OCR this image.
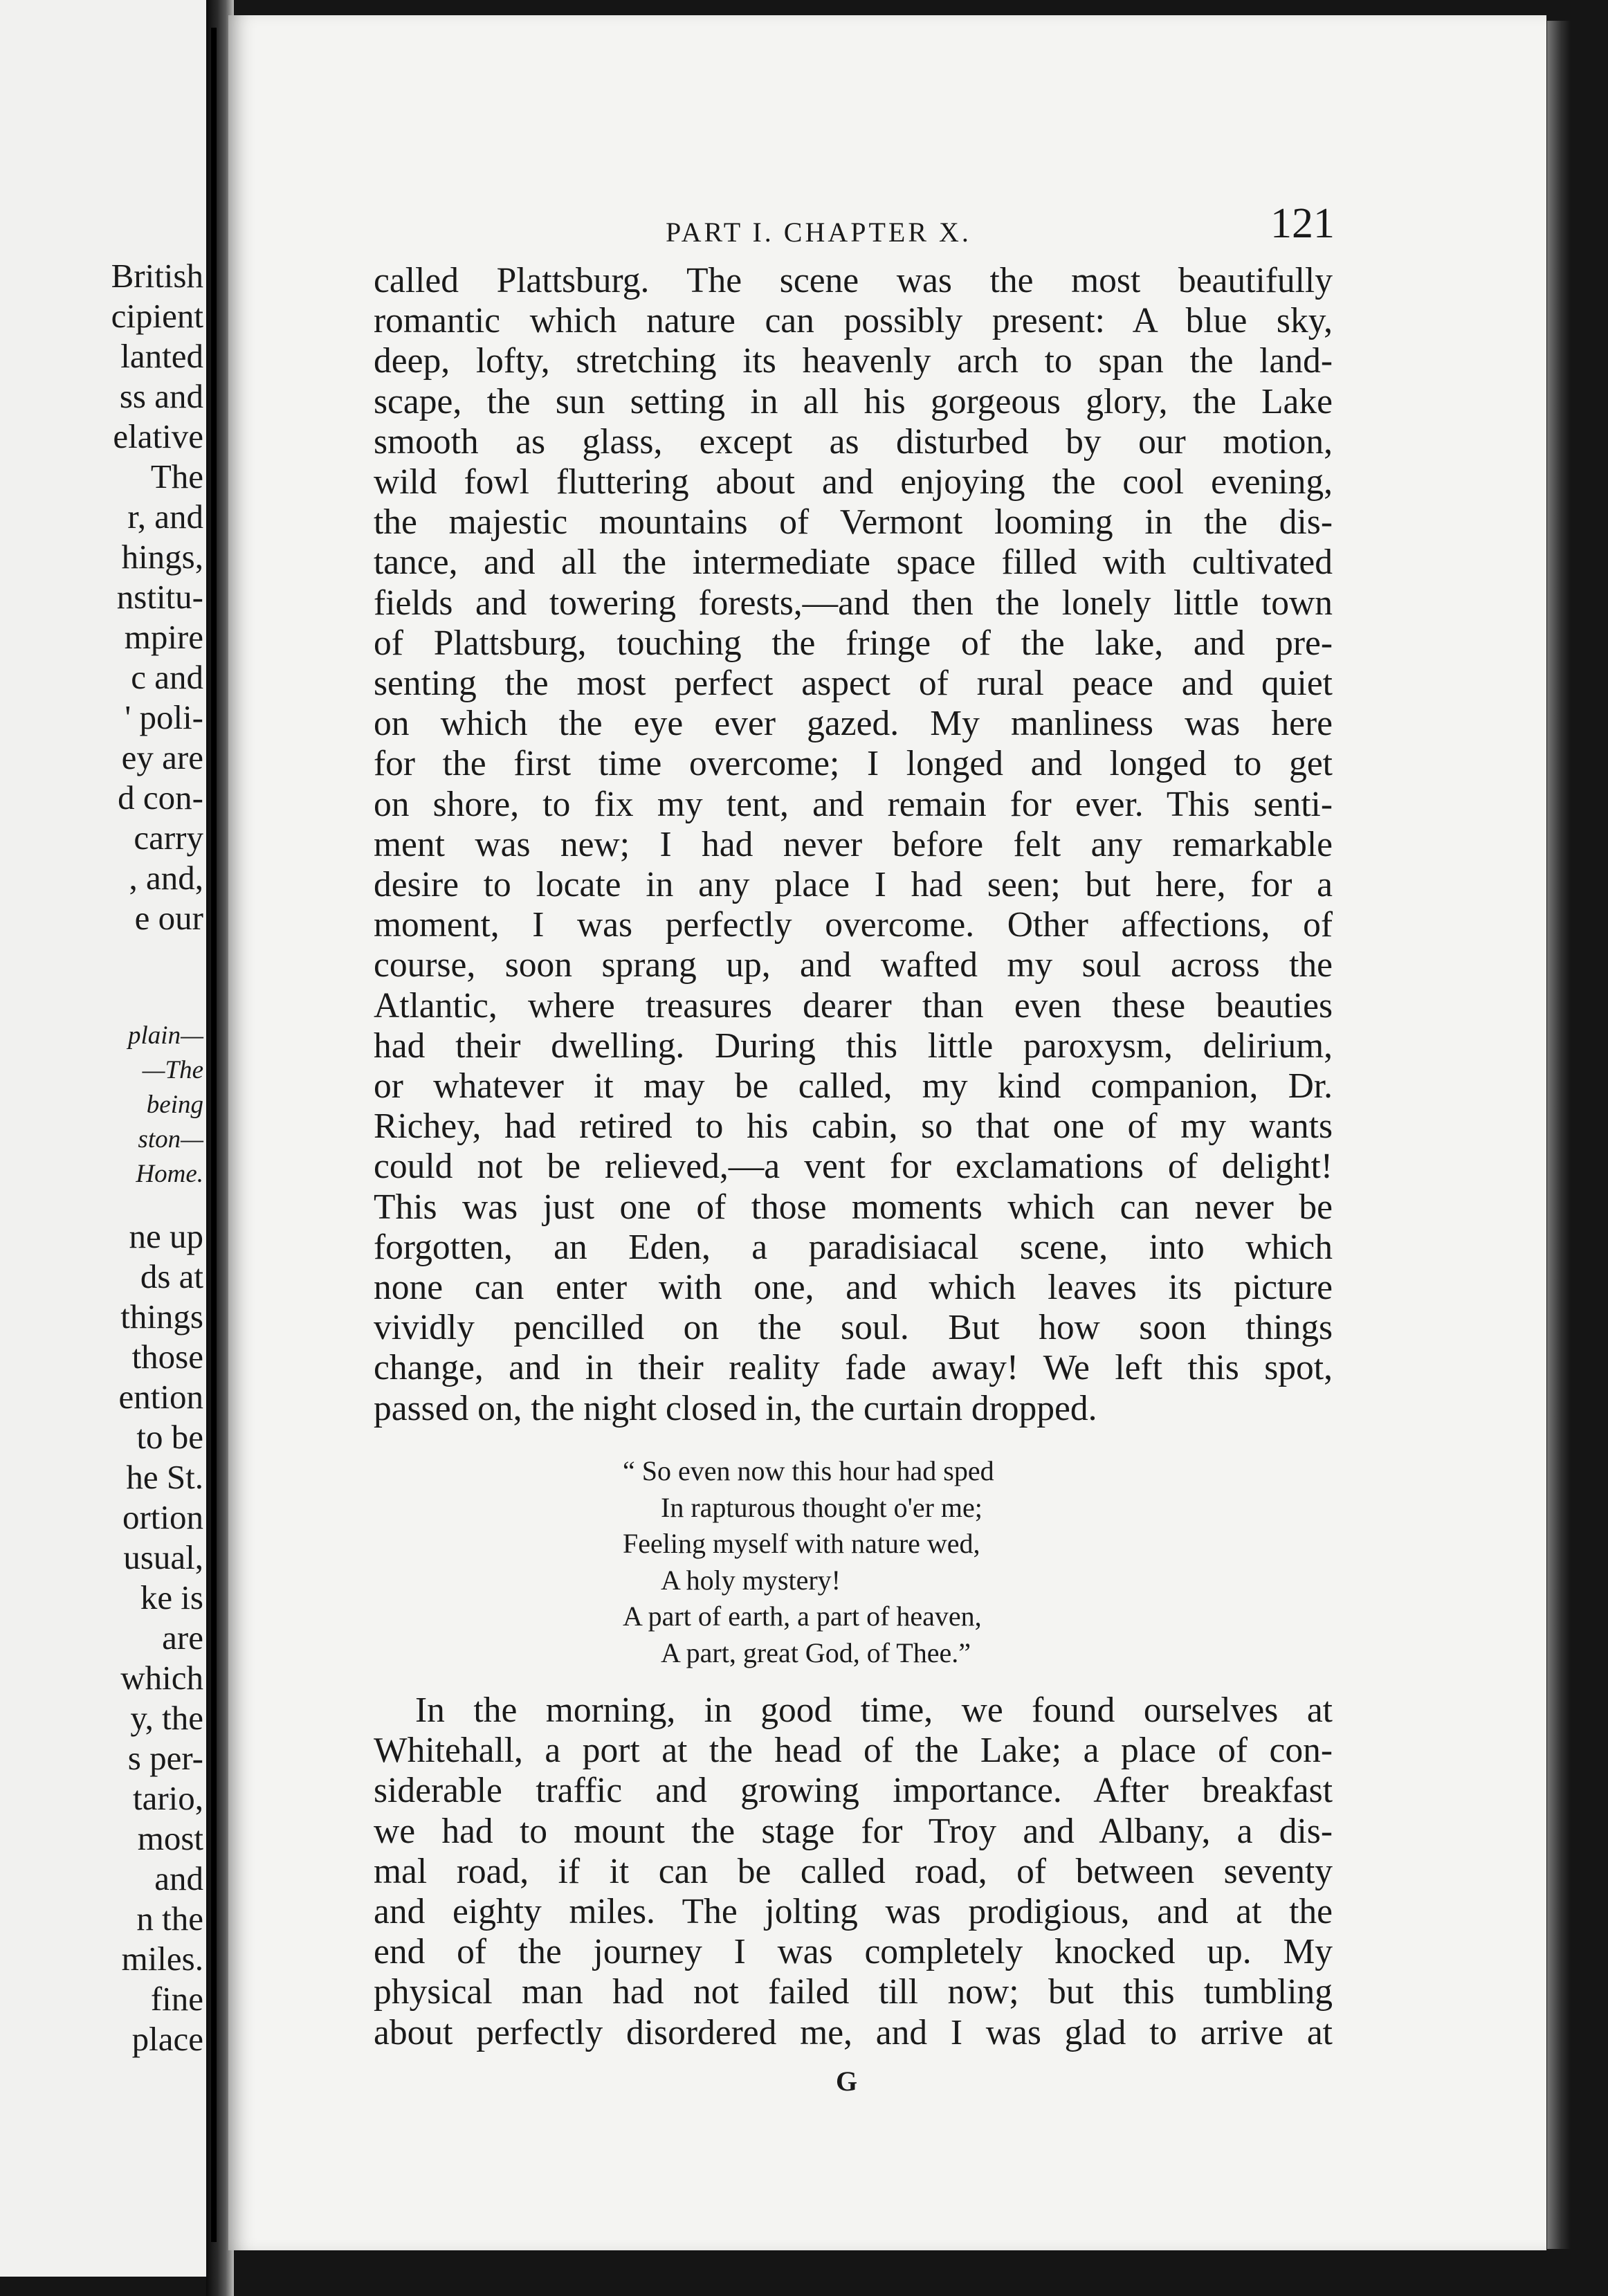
British
cipient
lanted
ss and
elative
The
r, and
hings,
nstitu-
mpire
c and
' poli-
ey are
d con-
carry
, and,
e our
plain—
—The
being
ston—
Home.
ne up
ds at
things
those
ention
to be
he St.
ortion
usual,
ke is
are
which
y, the
s per-
tario,
most
and
n the
miles.
fine
place
PART I. CHAPTER X.	121
called Plattsburg. The scene was the most beautifully
romantic which nature can possibly present: A blue sky,
deep, lofty, stretching its heavenly arch to span the land-
scape, the sun setting in all his gorgeous glory, the Lake
smooth as glass, except as disturbed by our motion,
wild fowl fluttering about and enjoying the cool evening,
the majestic mountains of Vermont looming in the dis-
tance, and all the intermediate space filled with cultivated
fields and towering forests,—and then the lonely little town
of Plattsburg, touching the fringe of the lake, and pre-
senting the most perfect aspect of rural peace and quiet
on which the eye ever gazed. My manliness was here
for the first time overcome; I longed and longed to get
on shore, to fix my tent, and remain for ever. This senti-
ment was new; I had never before felt any remarkable
desire to locate in any place I had seen; but here, for a
moment, I was perfectly overcome. Other affections, of
course, soon sprang up, and wafted my soul across the
Atlantic, where treasures dearer than even these beauties
had their dwelling. During this little paroxysm, delirium,
or whatever it may be called, my kind companion, Dr.
Richey, had retired to his cabin, so that one of my wants
could not be relieved,—a vent for exclamations of delight!
This was just one of those moments which can never be
forgotten, an Eden, a paradisiacal scene, into which
none can enter with one, and which leaves its picture
vividly pencilled on the soul. But how soon things
change, and in their reality fade away! We left this spot,
passed on, the night closed in, the curtain dropped.
“ So even now this hour had sped
In rapturous thought o'er me;
Feeling myself with nature wed,
A holy mystery!
A part of earth, a part of heaven,
A part, great God, of Thee.”
In the morning, in good time, we found ourselves at
Whitehall, a port at the head of the Lake; a place of con-
siderable traffic and growing importance. After breakfast
we had to mount the stage for Troy and Albany, a dis-
mal road, if it can be called road, of between seventy
and eighty miles. The jolting was prodigious, and at the
end of the journey I was completely knocked up. My
physical man had not failed till now; but this tumbling
about perfectly disordered me, and I was glad to arrive at
G
